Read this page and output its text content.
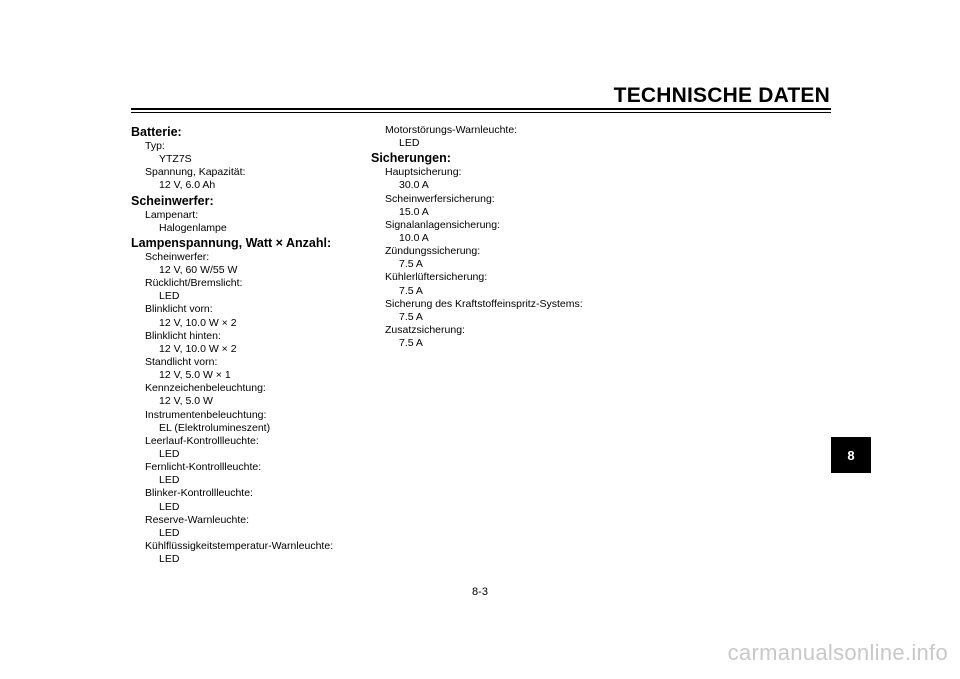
TECHNISCHE DATEN
Batterie:
Typ:
YTZ7S
Spannung, Kapazität:
12 V, 6.0 Ah
Scheinwerfer:
Lampenart:
Halogenlampe
Lampenspannung, Watt × Anzahl:
Scheinwerfer:
12 V, 60 W/55 W
Rücklicht/Bremslicht:
LED
Blinklicht vorn:
12 V, 10.0 W × 2
Blinklicht hinten:
12 V, 10.0 W × 2
Standlicht vorn:
12 V, 5.0 W × 1
Kennzeichenbeleuchtung:
12 V, 5.0 W
Instrumentenbeleuchtung:
EL (Elektrolumineszent)
Leerlauf-Kontrollleuchte:
LED
Fernlicht-Kontrollleuchte:
LED
Blinker-Kontrollleuchte:
LED
Reserve-Warnleuchte:
LED
Kühlflüssigkeitstemperatur-Warnleuchte:
LED
Motorstörungs-Warnleuchte:
LED
Sicherungen:
Hauptsicherung:
30.0 A
Scheinwerfersicherung:
15.0 A
Signalanlagensicherung:
10.0 A
Zündungssicherung:
7.5 A
Kühlerlüftersicherung:
7.5 A
Sicherung des Kraftstoffeinspritz-Systems:
7.5 A
Zusatzsicherung:
7.5 A
8
8-3
carmanualsonline.info
